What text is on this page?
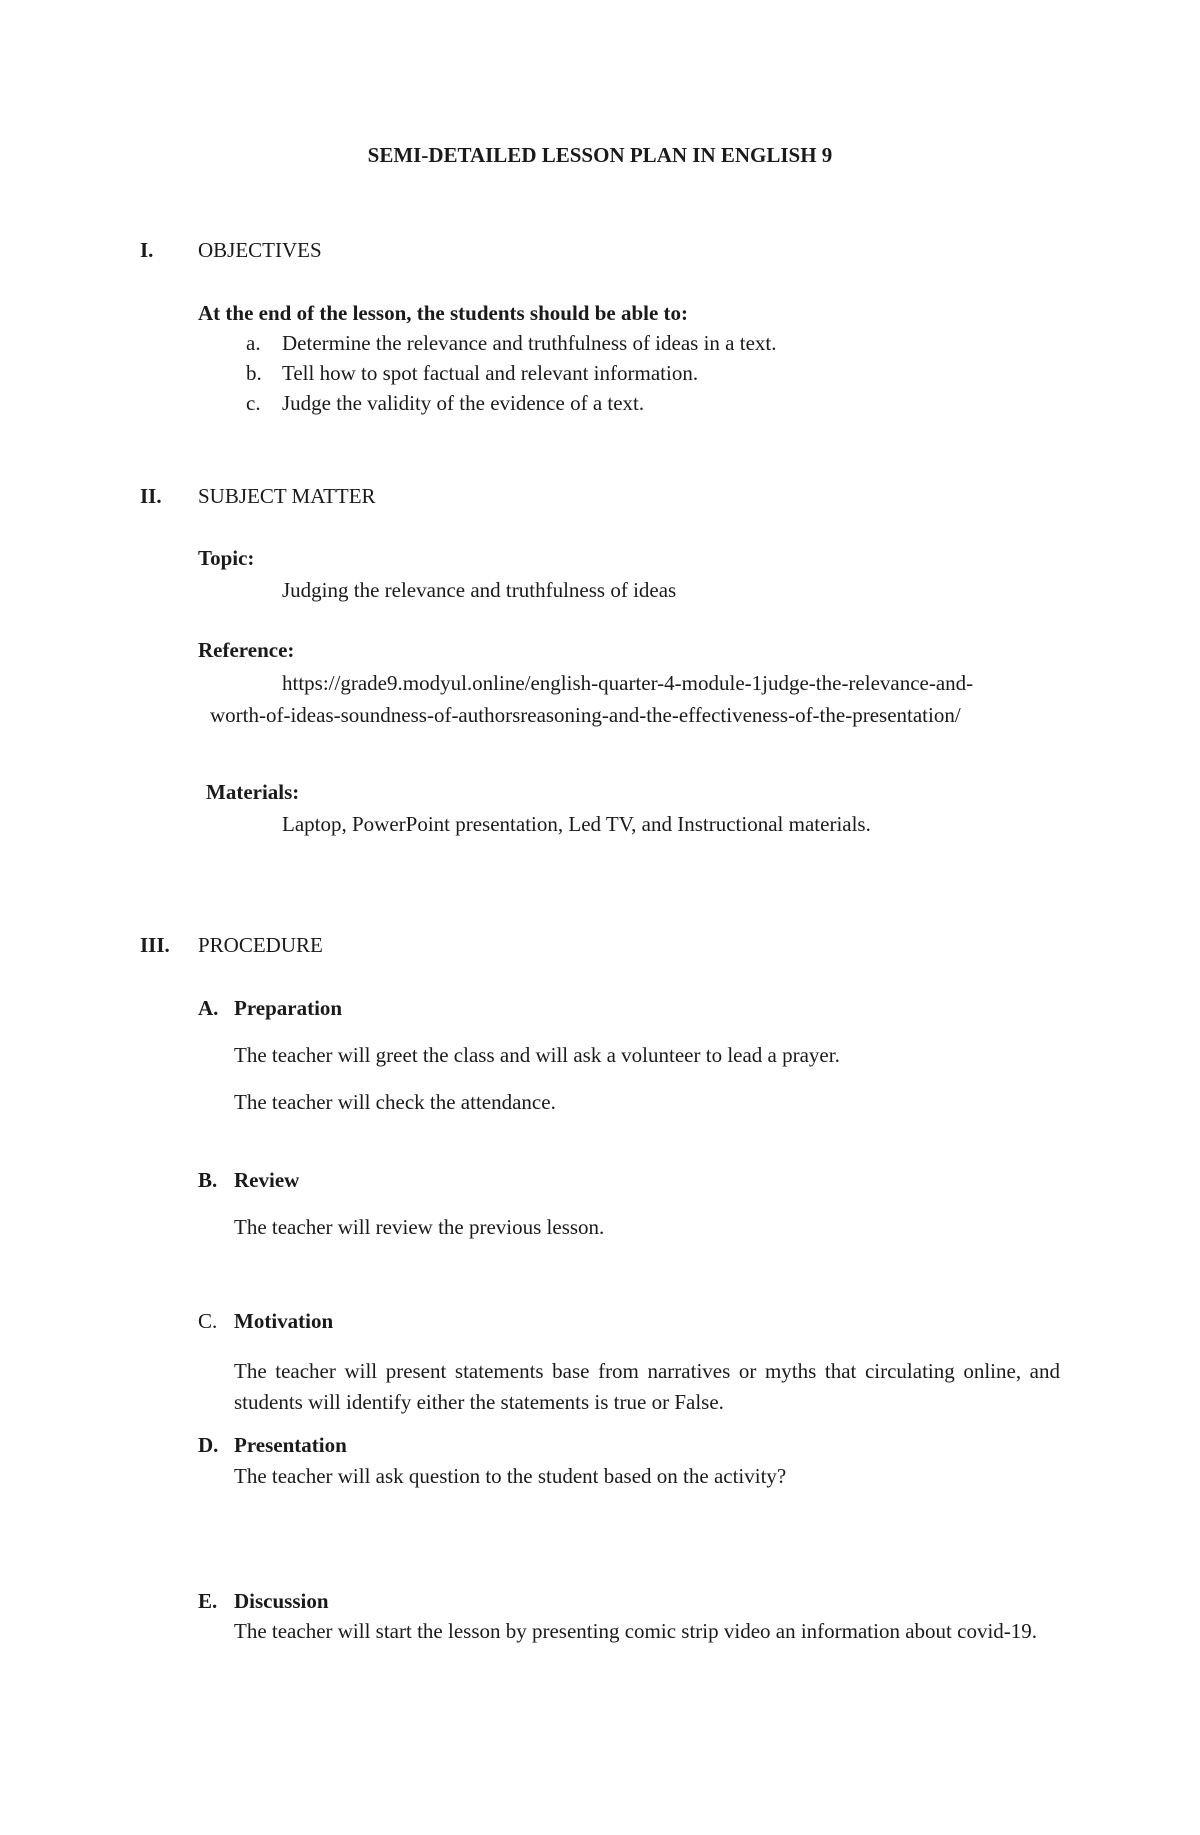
SEMI-DETAILED LESSON PLAN IN ENGLISH 9
I. OBJECTIVES
At the end of the lesson, the students should be able to:
a. Determine the relevance and truthfulness of ideas in a text.
b. Tell how to spot factual and relevant information.
c. Judge the validity of the evidence of a text.
II. SUBJECT MATTER
Topic:
Judging the relevance and truthfulness of ideas
Reference:
https://grade9.modyul.online/english-quarter-4-module-1judge-the-relevance-and-
worth-of-ideas-soundness-of-authorsreasoning-and-the-effectiveness-of-the-presentation/
Materials:
Laptop, PowerPoint presentation, Led TV, and Instructional materials.
III. PROCEDURE
A. Preparation
The teacher will greet the class and will ask a volunteer to lead a prayer.
The teacher will check the attendance.
B. Review
The teacher will review the previous lesson.
C. Motivation
The teacher will present statements base from narratives or myths that circulating online, and students will identify either the statements is true or False.
D. Presentation
The teacher will ask question to the student based on the activity?
E. Discussion
The teacher will start the lesson by presenting comic strip video an information about covid-19.
